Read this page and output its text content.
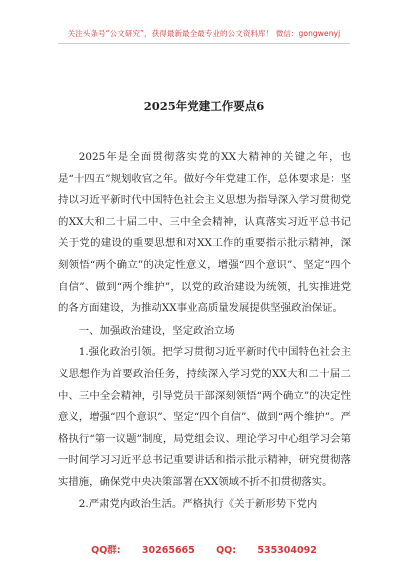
关注头条号“公文研究”，获得最新最全最专业的公文资料库！ 微信：gongwenyj
2025年党建工作要点6

2025年是全面贯彻落实党的XX大精神的关键之年，也是“十四五”规划收官之年。做好今年党建工作，总体要求是：坚持以习近平新时代中国特色社会主义思想为指导深入学习贯彻党的XX大和二十届二中、三中全会精神，认真落实习近平总书记关于党的建设的重要思想和对XX工作的重要指示批示精神，深刻领悟“两个确立”的决定性意义，增强“四个意识”、坚定“四个自信”、做到“两个维护”，以党的政治建设为统领，扎实推进党的各方面建设，为推动XX事业高质量发展提供坚强政治保证。

一、加强政治建设，坚定政治立场

1.强化政治引领。把学习贯彻习近平新时代中国特色社会主义思想作为首要政治任务，持续深入学习党的XX大和二十届二中、三中全会精神，引导党员干部深刻领悟“两个确立”的决定性意义，增强“四个意识”、坚定“四个自信”、做到“两个维护”。严格执行“第一议题”制度，局党组会议、理论学习中心组学习会第一时间学习习近平总书记重要讲话和指示批示精神，研究贯彻落实措施，确保党中央决策部署在XX领域不折不扣贯彻落实。

2.严肃党内政治生活。严格执行《关于新形势下党内

QQ群: 30265665 QQ: 535304092
